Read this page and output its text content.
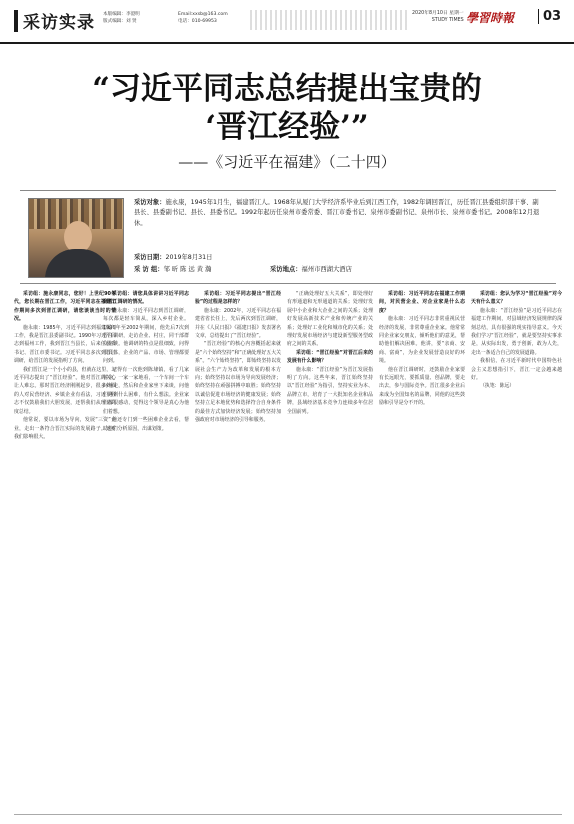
采访实录 本版编辑：李澄明
版式编辑：刘 贤
Email:xxsb@163.com
电话：010-69953
2020年8月10日 星期一
STUDY TIMES 學習時報	03
“习近平同志总结提出宝贵的
‘晋江经验’”
——《习近平在福建》（二十四）
采访对象：施永康，1945年1月生，福建晋江人。1968年从厦门大学经济系毕业后到江西工作，1982年调回晋江，历任晋江县委组织部干事、副县长、县委副书记、县长、县委书记。1992年起历任泉州市委常委、晋江市委书记、泉州市委副书记、泉州市长、泉州市委书记。2008年12月退休。
采 访 组：邹 昕 陈 远 黄 瀚
采访日期：2019年8月31日
采访地点：福州市西湖大酒店

采访组：施永康同志，您好！上世纪90年代，您长期在晋江工作，习近平同志在福建工作期间多次到晋江调研，请您谈谈当时的情况。

施永康：1985年，习近平同志到福建厦门工作，我是晋江县委副书记。1990年习近平同志到福州工作，我到晋江当县长，后来任县委书记、晋江市委书记。习近平同志多次到晋江调研，给晋江的发展指明了方向。

我们晋江是一个小小的县，但就在这里，习近平同志提出了“晋江经验”。他对晋江的关心让人难忘。那时晋江经济刚刚起步，很多外面的人对民营经济、乡镇企业有看法，习近平同志不仅鼓励我们大胆发展，还帮我们从理论高度总结。

他常说，要以市场为导向，发展“三资”企业，走出一条符合晋江实际的发展路子。这对我们影响很大。

采访组：请您具体讲讲习近平同志到晋江调研的情况。

施永康：习近平同志到晋江调研，每次都是轻车简从，深入乡村企业。1996年至2002年期间，他先后7次到晋江调研，走访企业、村庄，同干部群众座谈。他调研的特点是很细致，问得很具体，企业的产品、市场、管理都要问到。

记得有一次他到陈埭镇，看了几家鞋企，一家一家地看，一个车间一个车间地走，然后和企业家坐下来谈，问他们遇到什么困难，有什么想法。企业家们都很感动，觉得这个领导是真心为他们着想。

他还专门到一些困难企业去看，帮助他们分析原因，出谋划策。

采访组：习近平同志提出“晋江经验”的过程是怎样的？

施永康：2002年，习近平同志在福建省省长任上，先后两次到晋江调研，并在《人民日报》《福建日报》发表署名文章，总结提出了“晋江经验”。

“晋江经验”的核心内容概括起来就是“六个始终坚持”和“正确处理好五大关系”。“六个始终坚持”，即始终坚持以发展社会生产力为改革和发展的根本方向；始终坚持以市场为导向发展经济；始终坚持在顽强拼搏中取胜；始终坚持以诚信促进市场经济的健康发展；始终坚持立足本地优势和选择符合自身条件的最佳方式加快经济发展；始终坚持加强政府对市场经济的引导和服务。

“正确处理好五大关系”，即处理好有形通道和无形通道的关系；处理好发展中小企业和大企业之间的关系；处理好发展高新技术产业和传统产业的关系；处理好工业化和城市化的关系；处理好发展市场经济与建设新型服务型政府之间的关系。

采访组：“晋江经验”对晋江后来的发展有什么影响？

施永康：“晋江经验”为晋江发展指明了方向。这些年来，晋江始终坚持以“晋江经验”为指引，坚持实业为本、品牌立市，培育了一大批知名企业和品牌，县域经济基本竞争力连续多年位居全国前列。

采访组：习近平同志在福建工作期间，对民营企业、对企业家是什么态度？

施永康：习近平同志非常重视民营经济的发展，非常尊重企业家。他常常同企业家交朋友，倾听他们的意见，帮助他们解决困难。他讲，要“亲商、安商、富商”，为企业发展营造良好的环境。

他在晋江调研时，还鼓励企业家要有长远眼光，要抓质量、创品牌，要走出去，参与国际竞争。晋江很多企业后来成为全国知名的品牌，同他的这些鼓励和引导是分不开的。

采访组：您认为学习“晋江经验”对今天有什么意义？

施永康：“晋江经验”是习近平同志在福建工作期间，对县域经济发展规律的深刻总结，具有很强的现实指导意义。今天我们学习“晋江经验”，就是要坚持实事求是，从实际出发，勇于创新，敢为人先，走出一条适合自己的发展道路。

我相信，在习近平新时代中国特色社会主义思想指引下，晋江一定会越来越好。

（执笔：陈远）
